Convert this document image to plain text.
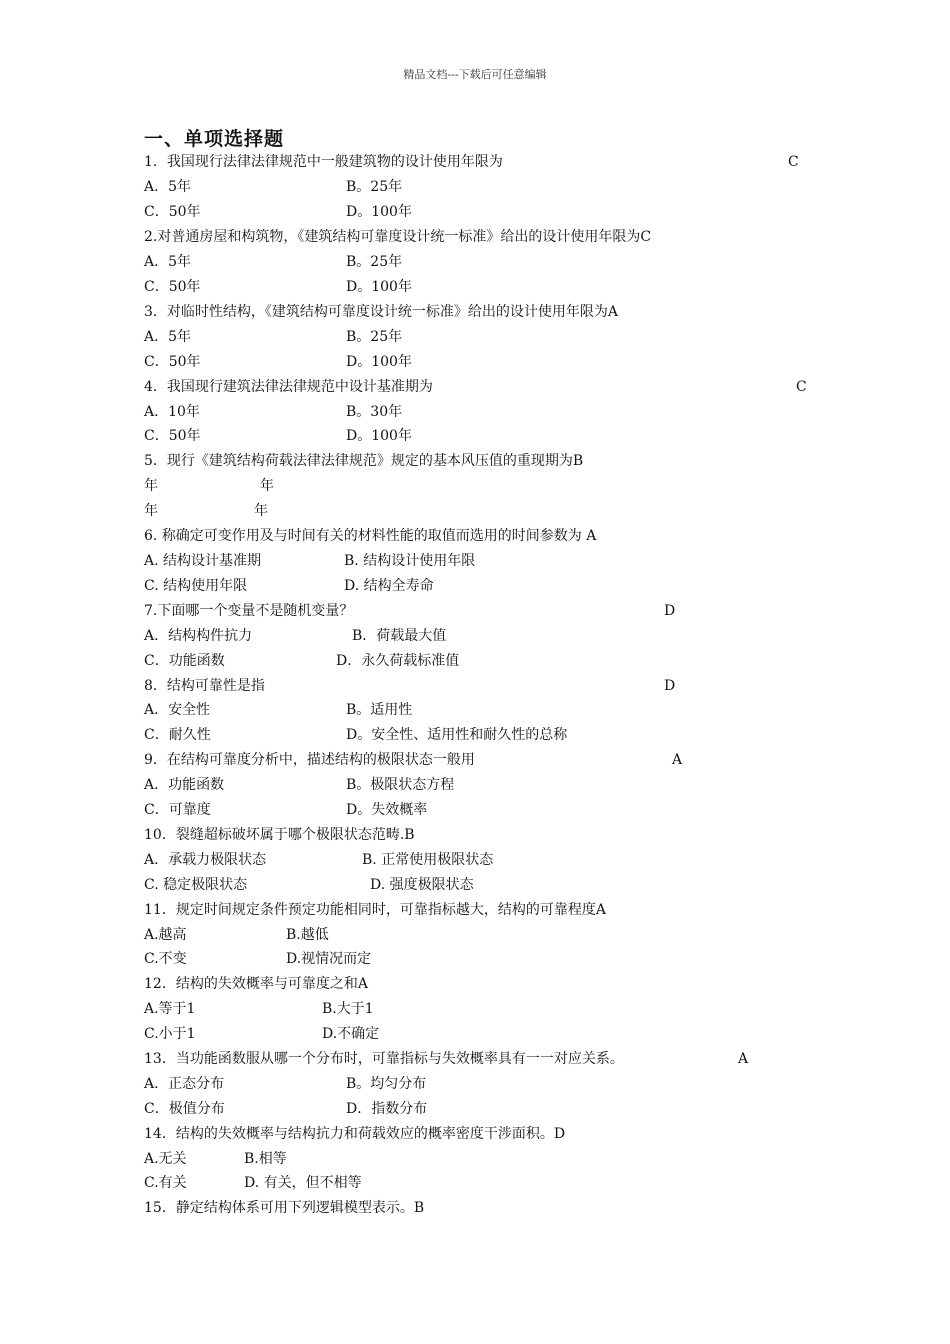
精品文档---下载后可任意编辑
一、单项选择题
1．我国现行法律法律规范中一般建筑物的设计使用年限为	C
A．5年	B。25年
C．50年	D。100年
2.对普通房屋和构筑物，《建筑结构可靠度设计统一标准》给出的设计使用年限为C
A．5年	B。25年
C．50年	D。100年
3．对临时性结构，《建筑结构可靠度设计统一标准》给出的设计使用年限为A
A．5年	B。25年
C．50年	D。100年
4．我国现行建筑法律法律规范中设计基准期为	C
A．10年	B。30年
C．50年	D。100年
5．现行《建筑结构荷载法律法律规范》规定的基本风压值的重现期为B
年	年
年	年
6. 称确定可变作用及与时间有关的材料性能的取值而选用的时间参数为 A
A. 结构设计基准期	B. 结构设计使用年限
C. 结构使用年限	D. 结构全寿命
7.下面哪一个变量不是随机变量？	D
A．结构构件抗力	B．荷载最大值
C．功能函数	D．永久荷载标准值
8．结构可靠性是指	D
A．安全性	B。适用性
C．耐久性	D。安全性、适用性和耐久性的总称
9．在结构可靠度分析中，描述结构的极限状态一般用	A
A．功能函数	B。极限状态方程
C．可靠度	D。失效概率
10．裂缝超标破坏属于哪个极限状态范畴.B
A．承载力极限状态	B. 正常使用极限状态
C. 稳定极限状态	D. 强度极限状态
11．规定时间规定条件预定功能相同时，可靠指标越大，结构的可靠程度A
A.越高	B.越低
C.不变	D.视情况而定
12．结构的失效概率与可靠度之和A
A.等于1	B.大于1
C.小于1	D.不确定
13．当功能函数服从哪一个分布时，可靠指标与失效概率具有一一对应关系。	A
A．正态分布	B。均匀分布
C．极值分布	D．指数分布
14．结构的失效概率与结构抗力和荷载效应的概率密度干涉面积。D
A.无关	B.相等
C.有关	D. 有关，但不相等
15．静定结构体系可用下列逻辑模型表示。B
